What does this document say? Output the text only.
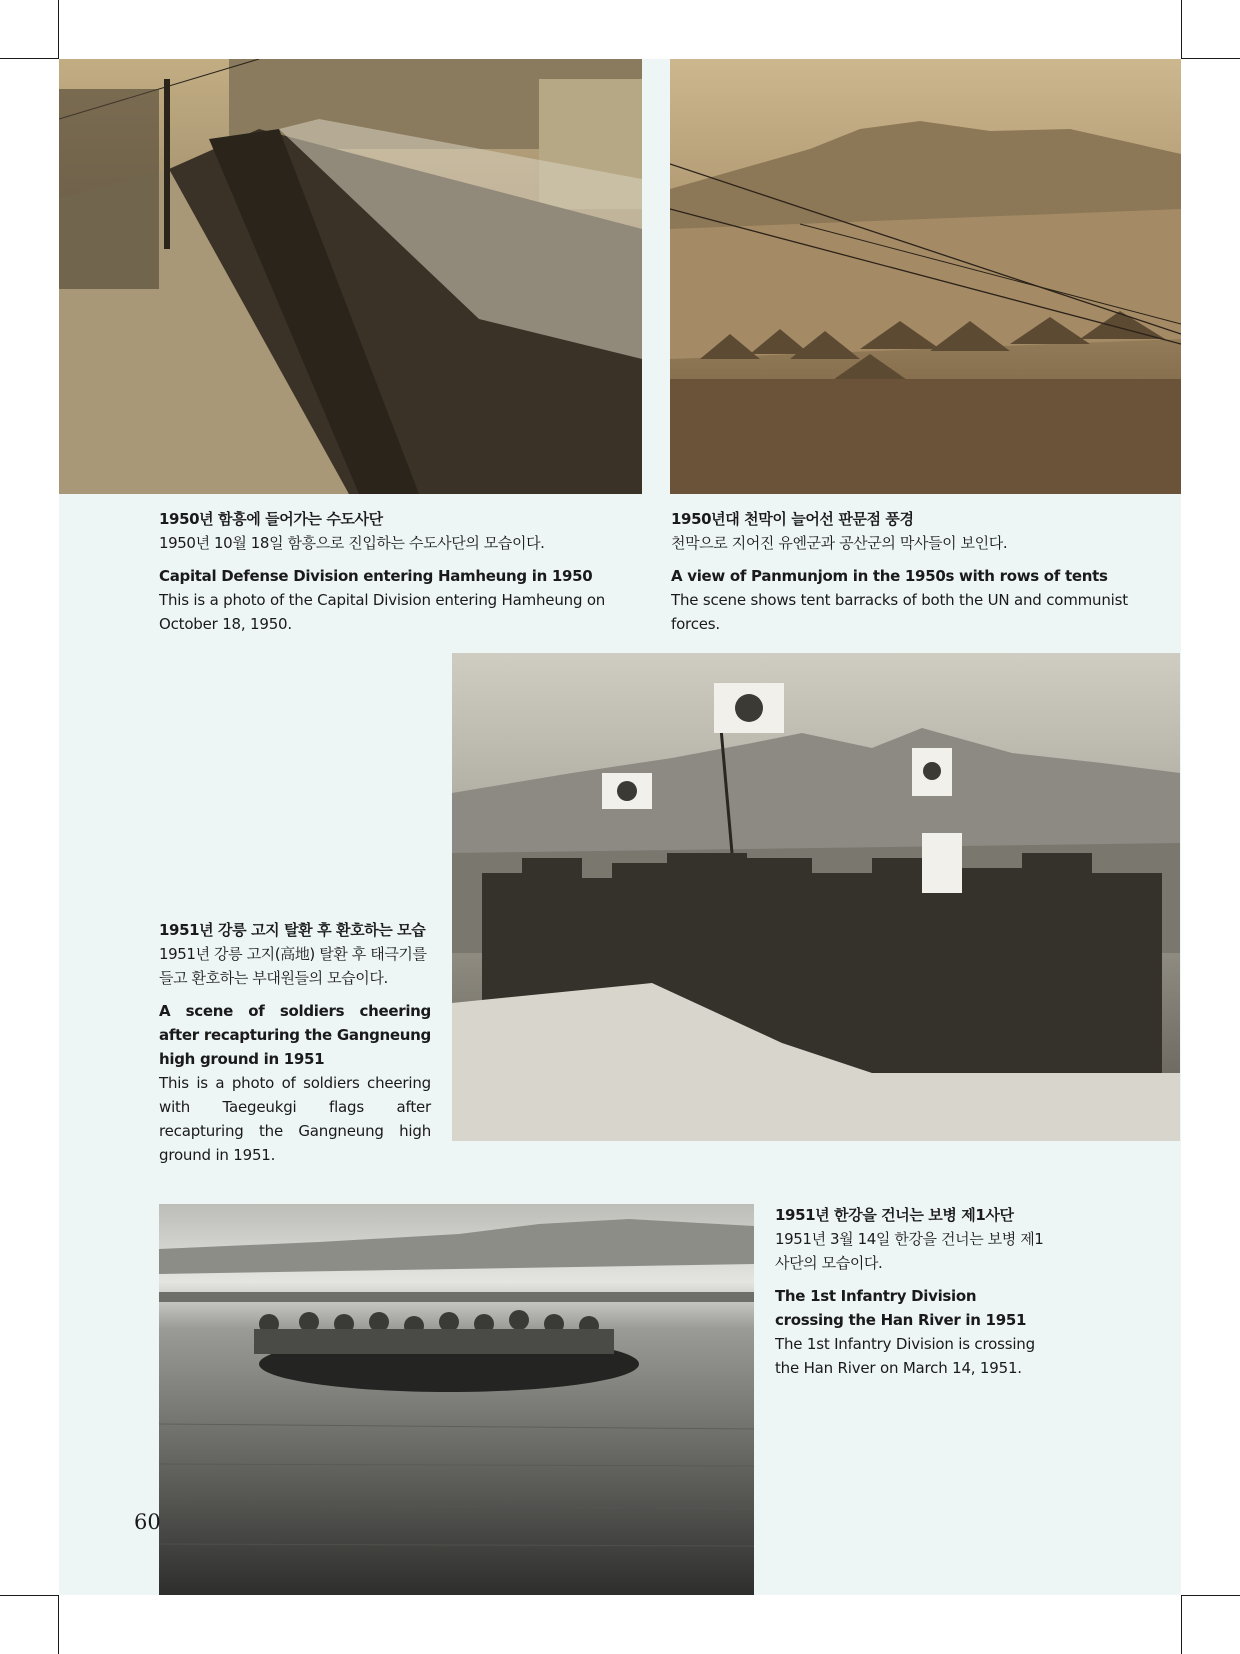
1950년 함흥에 들어가는 수도사단
1950년 10월 18일 함흥으로 진입하는 수도사단의 모습이다.
Capital Defense Division entering Hamheung in 1950
This is a photo of the Capital Division entering Hamheung on October 18, 1950.
1950년대 천막이 늘어선 판문점 풍경
천막으로 지어진 유엔군과 공산군의 막사들이 보인다.
A view of Panmunjom in the 1950s with rows of tents
The scene shows tent barracks of both the UN and communist forces.
1951년 강릉 고지 탈환 후 환호하는 모습
1951년 강릉 고지(高地) 탈환 후 태극기를 들고 환호하는 부대원들의 모습이다.
A scene of soldiers cheering after recapturing the Gangneung high ground in 1951
This is a photo of soldiers cheering with Taegeukgi flags after recapturing the Gangneung high ground in 1951.
1951년 한강을 건너는 보병 제1사단
1951년 3월 14일 한강을 건너는 보병 제1사단의 모습이다.
The 1st Infantry Division crossing the Han River in 1951
The 1st Infantry Division is crossing the Han River on March 14, 1951.
60
